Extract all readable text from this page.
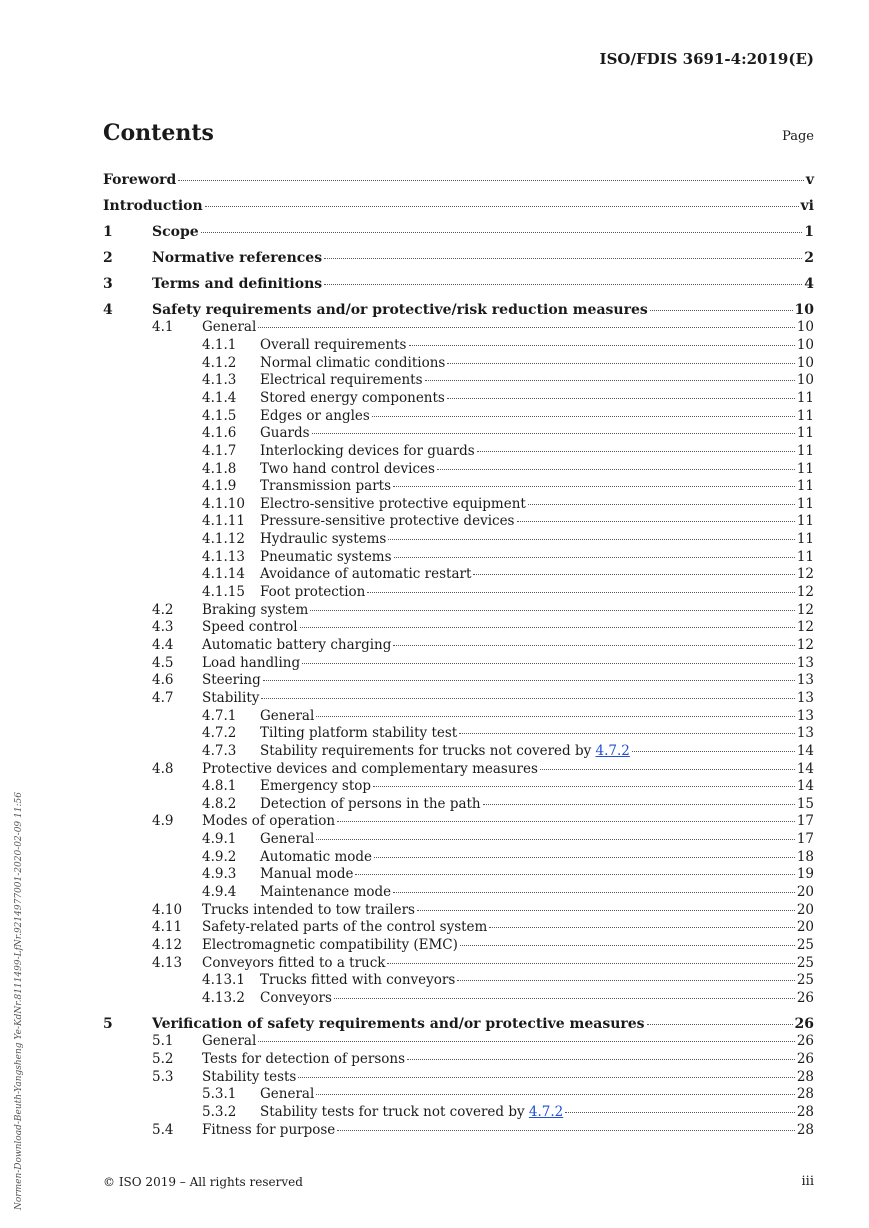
ISO/FDIS 3691-4:2019(E)
Contents	Page
Foreword	v
Introduction	vi
1	Scope	1
2	Normative references	2
3	Terms and definitions	4
4	Safety requirements and/or protective/risk reduction measures	10
4.1	General	10
4.1.1	Overall requirements	10
4.1.2	Normal climatic conditions	10
4.1.3	Electrical requirements	10
4.1.4	Stored energy components	11
4.1.5	Edges or angles	11
4.1.6	Guards	11
4.1.7	Interlocking devices for guards	11
4.1.8	Two hand control devices	11
4.1.9	Transmission parts	11
4.1.10	Electro-sensitive protective equipment	11
4.1.11	Pressure-sensitive protective devices	11
4.1.12	Hydraulic systems	11
4.1.13	Pneumatic systems	11
4.1.14	Avoidance of automatic restart	12
4.1.15	Foot protection	12
4.2	Braking system	12
4.3	Speed control	12
4.4	Automatic battery charging	12
4.5	Load handling	13
4.6	Steering	13
4.7	Stability	13
4.7.1	General	13
4.7.2	Tilting platform stability test	13
4.7.3	Stability requirements for trucks not covered by 4.7.2	14
4.8	Protective devices and complementary measures	14
4.8.1	Emergency stop	14
4.8.2	Detection of persons in the path	15
4.9	Modes of operation	17
4.9.1	General	17
4.9.2	Automatic mode	18
4.9.3	Manual mode	19
4.9.4	Maintenance mode	20
4.10	Trucks intended to tow trailers	20
4.11	Safety-related parts of the control system	20
4.12	Electromagnetic compatibility (EMC)	25
4.13	Conveyors fitted to a truck	25
4.13.1	Trucks fitted with conveyors	25
4.13.2	Conveyors	26
5	Verification of safety requirements and/or protective measures	26
5.1	General	26
5.2	Tests for detection of persons	26
5.3	Stability tests	28
5.3.1	General	28
5.3.2	Stability tests for truck not covered by 4.7.2	28
5.4	Fitness for purpose	28
© ISO 2019 – All rights reserved	iii
Normen-Download-Beuth-Yangsheng Ye-KdNr.8111499-LfNr.9214977001-2020-02-09 11:56
